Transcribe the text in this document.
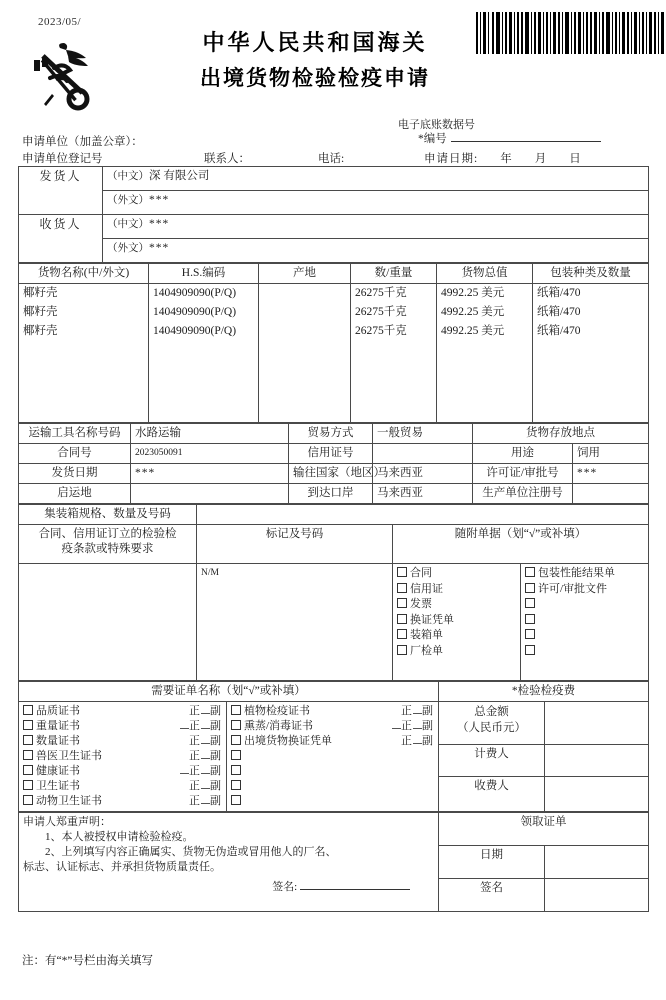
2023/05/
中华人民共和国海关
出境货物检验检疫申请
电子底账数据号
*编号
申请单位（加盖公章）：
申请单位登记号	联系人：	电话:	申请日期: 年 月 日
发货人	（中文）深 有限公司
	（外文）***
收货人	（中文）***
	（外文）***
货物名称(中/外文)	H.S.编码	产地	数/重量	货物总值	包装种类及数量
椰籽壳	1404909090(P/Q)		26275千克	4992.25 美元	纸箱/470
椰籽壳	1404909090(P/Q)		26275千克	4992.25 美元	纸箱/470
椰籽壳	1404909090(P/Q)		26275千克	4992.25 美元	纸箱/470
运输工具名称号码	水路运输	贸易方式	一般贸易	货物存放地点	
合同号	2023050091	信用证号		用途	饲用
发货日期	***	输往国家（地区）	马来西亚	许可证/审批号	***
启运地		到达口岸	马来西亚	生产单位注册号	
集装箱规格、数量及号码			
合同、信用证订立的检验检疫条款或特殊要求	标记及号码	随附单据（划“√”或补填）	
	N/M	合同
信用证
发票
换证凭单
装箱单
厂检单

包装性能结果单
许可/审批文件
需要证单名称（划“√”或补填）		*检验检疫费	

品质证书	正 副
重量证书	正 副
数量证书	正 副
兽医卫生证书	正 副
健康证书	正 副
卫生证书	正 副
动物卫生证书	正 副

植物检疫证书	正 副
熏蒸/消毒证书	正 副
出境货物换证凭单	正 副

总金额
（人民币元）

		计费人	
		收费人	
申请人郑重声明：
1、本人被授权申请检验检疫。
2、上列填写内容正确属实、货物无伪造或冒用他人的厂名、
标志、认证标志、并承担货物质量责任。
签名:	领取证单	
	日期	
	签名	
注：有“*”号栏由海关填写
